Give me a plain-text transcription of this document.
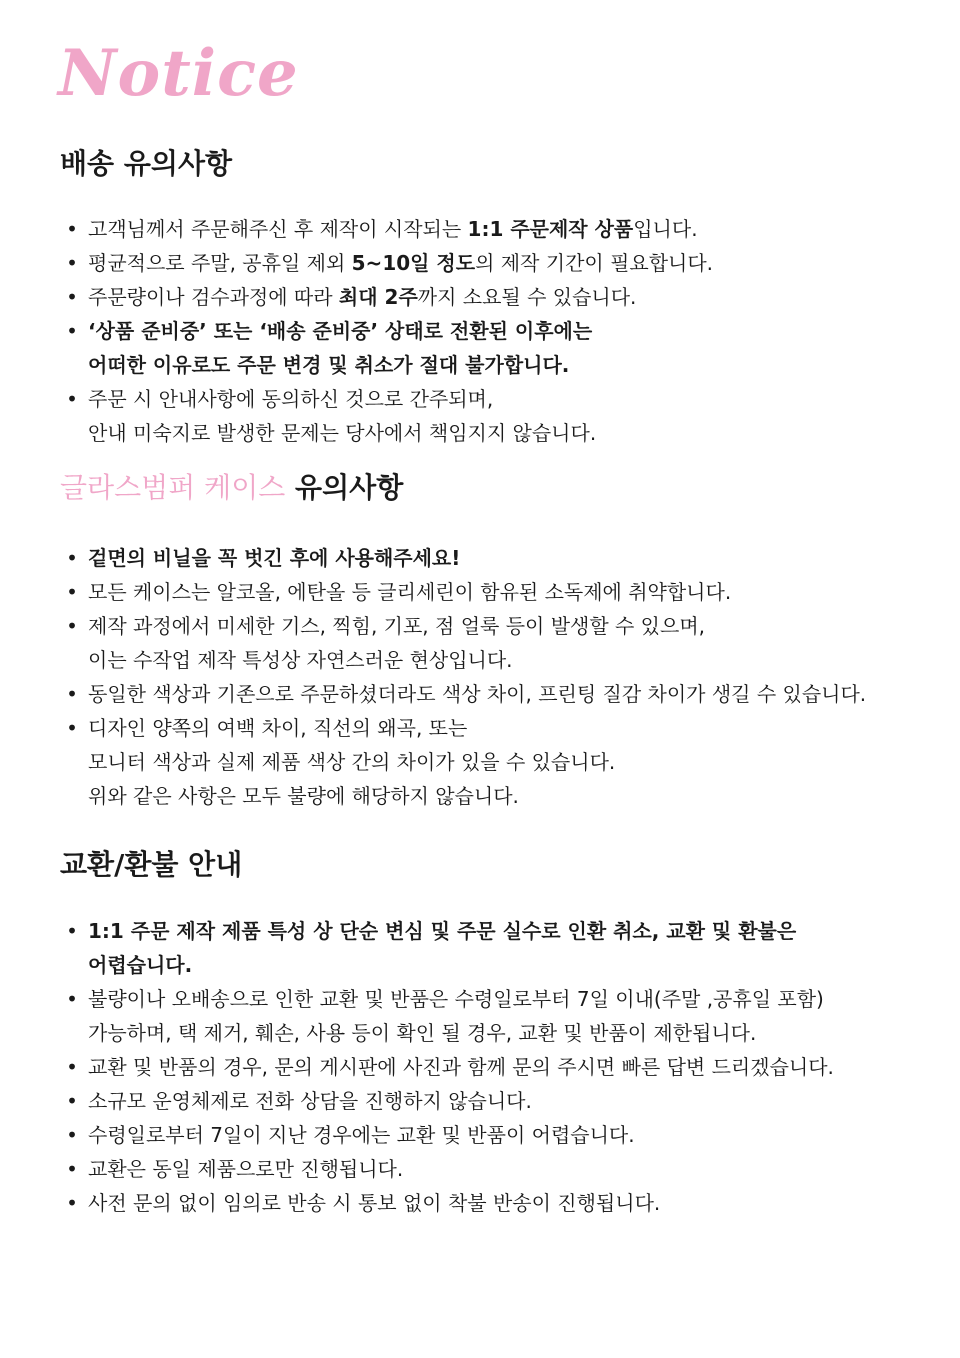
Notice
배송 유의사항
• 고객님께서 주문해주신 후 제작이 시작되는 1:1 주문제작 상품입니다.
• 평균적으로 주말, 공휴일 제외 5~10일 정도의 제작 기간이 필요합니다.
• 주문량이나 검수과정에 따라 최대 2주까지 소요될 수 있습니다.
• ‘상품 준비중’ 또는 ‘배송 준비중’ 상태로 전환된 이후에는
어떠한 이유로도 주문 변경 및 취소가 절대 불가합니다.
• 주문 시 안내사항에 동의하신 것으로 간주되며,
안내 미숙지로 발생한 문제는 당사에서 책임지지 않습니다.
글라스범퍼 케이스 유의사항
• 겉면의 비닐을 꼭 벗긴 후에 사용해주세요!
• 모든 케이스는 알코올, 에탄올 등 글리세린이 함유된 소독제에 취약합니다.
• 제작 과정에서 미세한 기스, 찍힘, 기포, 점 얼룩 등이 발생할 수 있으며,
이는 수작업 제작 특성상 자연스러운 현상입니다.
• 동일한 색상과 기존으로 주문하셨더라도 색상 차이, 프린팅 질감 차이가 생길 수 있습니다.
• 디자인 양쪽의 여백 차이, 직선의 왜곡, 또는
모니터 색상과 실제 제품 색상 간의 차이가 있을 수 있습니다.
위와 같은 사항은 모두 불량에 해당하지 않습니다.
교환/환불 안내
• 1:1 주문 제작 제품 특성 상 단순 변심 및 주문 실수로 인환 취소, 교환 및 환불은
어렵습니다.
• 불량이나 오배송으로 인한 교환 및 반품은 수령일로부터 7일 이내(주말 ,공휴일 포함)
가능하며, 택 제거, 훼손, 사용 등이 확인 될 경우, 교환 및 반품이 제한됩니다.
• 교환 및 반품의 경우, 문의 게시판에 사진과 함께 문의 주시면 빠른 답변 드리겠습니다.
• 소규모 운영체제로 전화 상담을 진행하지 않습니다.
• 수령일로부터 7일이 지난 경우에는 교환 및 반품이 어렵습니다.
• 교환은 동일 제품으로만 진행됩니다.
• 사전 문의 없이 임의로 반송 시 통보 없이 착불 반송이 진행됩니다.
